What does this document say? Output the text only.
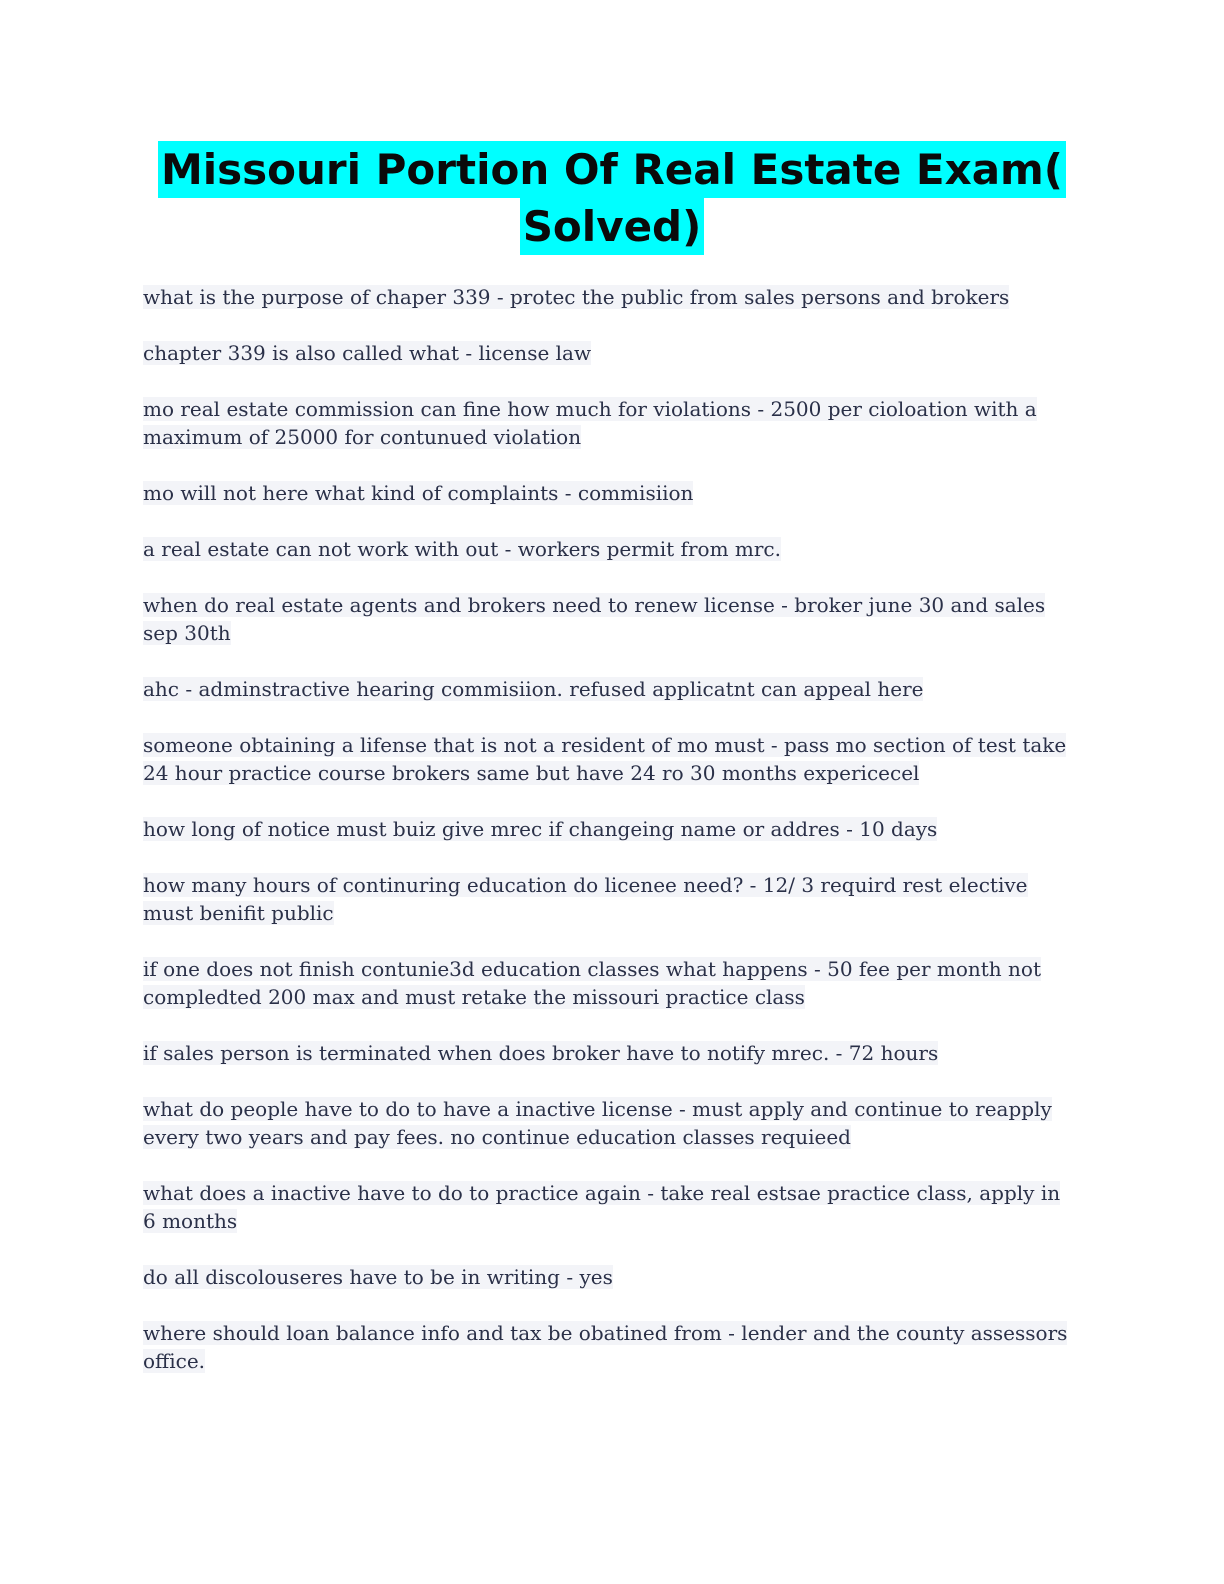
Missouri Portion Of Real Estate Exam(
Solved)
what is the purpose of chaper 339 - protec the public from sales persons and brokers
chapter 339 is also called what - license law
mo real estate commission can fine how much for violations - 2500 per cioloation with a maximum of 25000 for contunued violation
mo will not here what kind of complaints - commisiion
a real estate can not work with out - workers permit from mrc.
when do real estate agents and brokers need to renew license - broker june 30 and sales sep 30th
ahc - adminstractive hearing commisiion. refused applicatnt can appeal here
someone obtaining a lifense that is not a resident of mo must - pass mo section of test take 24 hour practice course brokers same but have 24 ro 30 months expericecel
how long of notice must buiz give mrec if changeing name or addres - 10 days
how many hours of continuring education do licenee need? - 12/ 3 requird rest elective must benifit public
if one does not finish contunie3d education classes what happens - 50 fee per month not compledted 200 max and must retake the missouri practice class
if sales person is terminated when does broker have to notify mrec. - 72 hours
what do people have to do to have a inactive license - must apply and continue to reapply every two years and pay fees. no continue education classes requieed
what does a inactive have to do to practice again - take real estsae practice class, apply in 6 months
do all discolouseres have to be in writing - yes
where should loan balance info and tax be obatined from - lender and the county assessors office.
